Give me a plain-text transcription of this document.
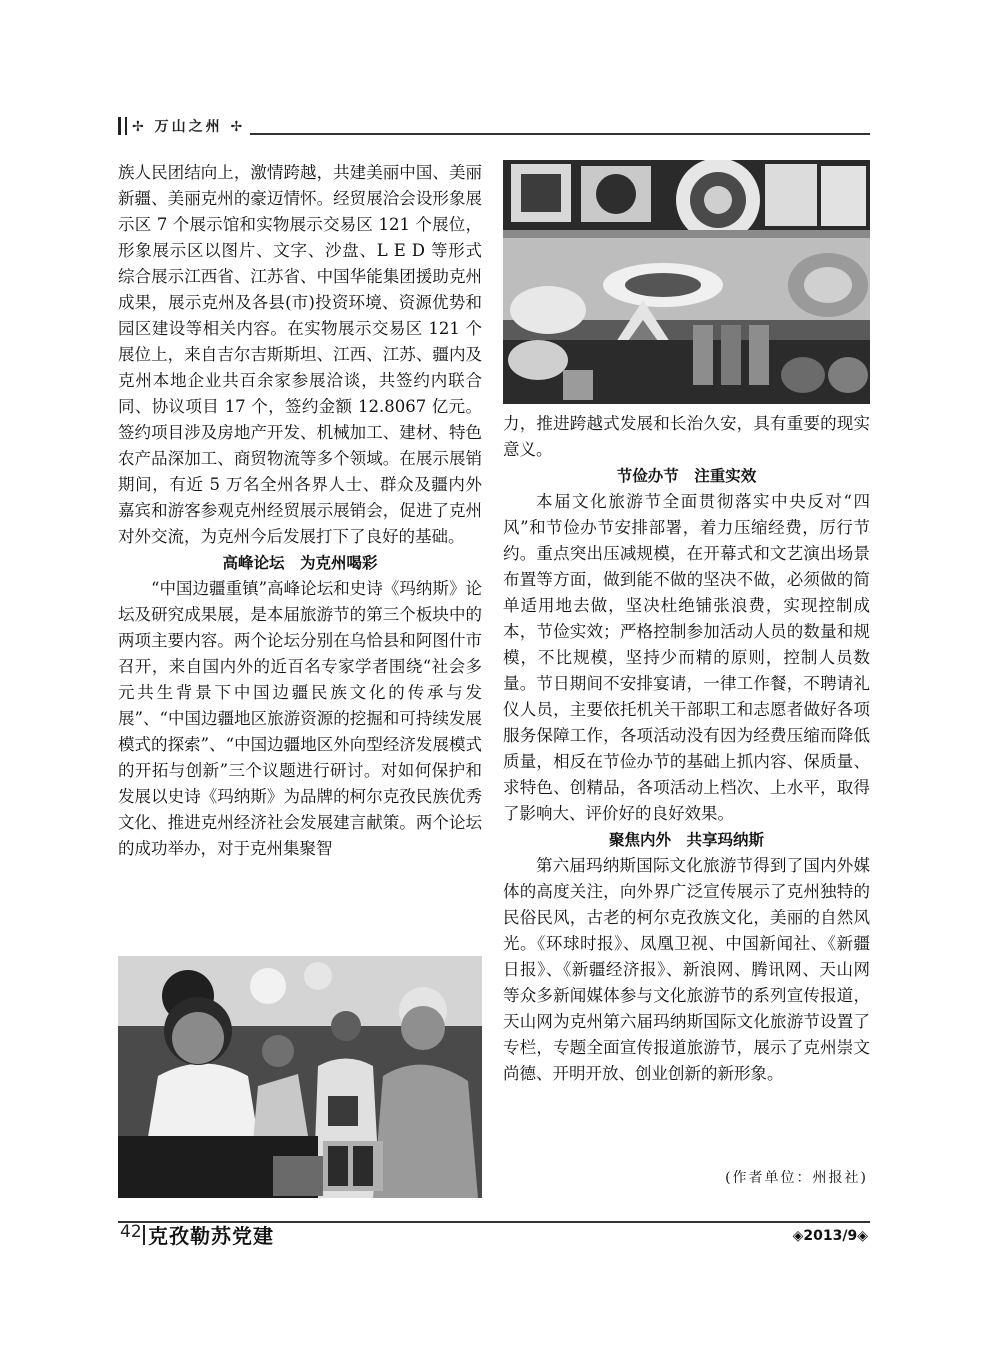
✢ 万山之州 ✢

族人民团结向上，激情跨越，共建美丽中国、美丽新疆、美丽克州的豪迈情怀。经贸展洽会设形象展示区 7 个展示馆和实物展示交易区 121 个展位，形象展示区以图片、文字、沙盘、L E D 等形式综合展示江西省、江苏省、中国华能集团援助克州成果，展示克州及各县(市)投资环境、资源优势和园区建设等相关内容。在实物展示交易区 121 个展位上，来自吉尔吉斯斯坦、江西、江苏、疆内及克州本地企业共百余家参展洽谈，共签约内联合同、协议项目 17 个，签约金额 12.8067 亿元。签约项目涉及房地产开发、机械加工、建材、特色农产品深加工、商贸物流等多个领域。在展示展销期间，有近 5 万名全州各界人士、群众及疆内外嘉宾和游客参观克州经贸展示展销会，促进了克州对外交流，为克州今后发展打下了良好的基础。

高峰论坛　为克州喝彩

“中国边疆重镇”高峰论坛和史诗《玛纳斯》论坛及研究成果展，是本届旅游节的第三个板块中的两项主要内容。两个论坛分别在乌恰县和阿图什市召开，来自国内外的近百名专家学者围绕“社会多元共生背景下中国边疆民族文化的传承与发展”、“中国边疆地区旅游资源的挖掘和可持续发展模式的探索”、“中国边疆地区外向型经济发展模式的开拓与创新”三个议题进行研讨。对如何保护和发展以史诗《玛纳斯》为品牌的柯尔克孜民族优秀文化、推进克州经济社会发展建言献策。两个论坛的成功举办，对于克州集聚智

力，推进跨越式发展和长治久安，具有重要的现实意义。

节俭办节　注重实效

本届文化旅游节全面贯彻落实中央反对“四风”和节俭办节安排部署，着力压缩经费，厉行节约。重点突出压减规模，在开幕式和文艺演出场景布置等方面，做到能不做的坚决不做，必须做的简单适用地去做，坚决杜绝铺张浪费，实现控制成本，节俭实效；严格控制参加活动人员的数量和规模，不比规模，坚持少而精的原则，控制人员数量。节日期间不安排宴请，一律工作餐，不聘请礼仪人员，主要依托机关干部职工和志愿者做好各项服务保障工作，各项活动没有因为经费压缩而降低质量，相反在节俭办节的基础上抓内容、保质量、求特色、创精品，各项活动上档次、上水平，取得了影响大、评价好的良好效果。

聚焦内外　共享玛纳斯

第六届玛纳斯国际文化旅游节得到了国内外媒体的高度关注，向外界广泛宣传展示了克州独特的民俗民风，古老的柯尔克孜族文化，美丽的自然风光。《环球时报》、凤凰卫视、中国新闻社、《新疆日报》、《新疆经济报》、新浪网、腾讯网、天山网等众多新闻媒体参与文化旅游节的系列宣传报道，天山网为克州第六届玛纳斯国际文化旅游节设置了专栏，专题全面宣传报道旅游节，展示了克州崇文尚德、开明开放、创业创新的新形象。

(作者单位：州报社)
42 克孜勒苏党建	◈2013/9◈
